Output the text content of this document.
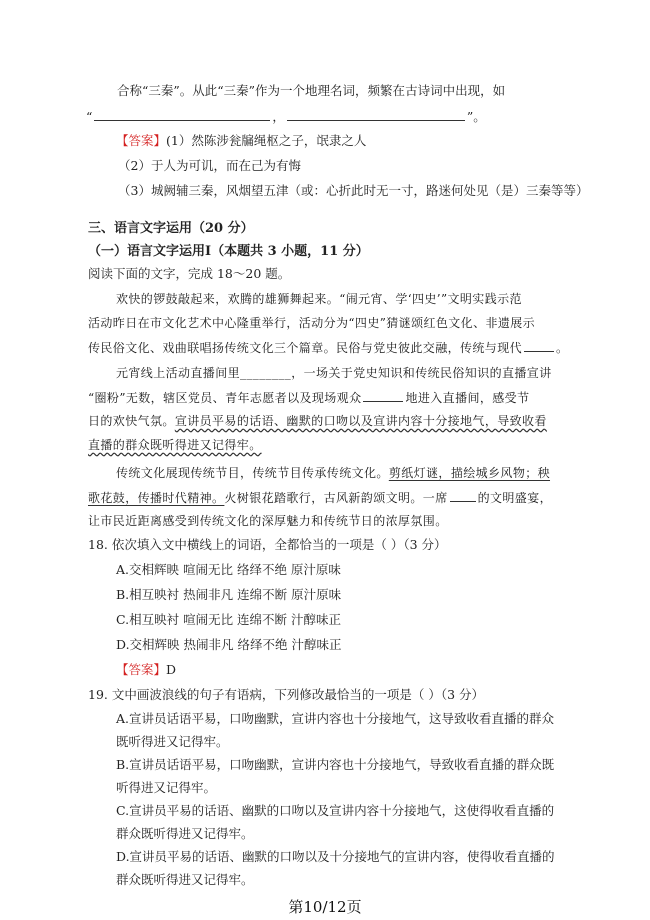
合称“三秦”。从此“三秦”作为一个地理名词，频繁在古诗词中出现，如
“	，	”。
【答案】(1）然陈涉瓮牖绳枢之子，氓隶之人
（2）于人为可讥，而在己为有悔
（3）城阙辅三秦，风烟望五津（或：心折此时无一寸，路迷何处见（是）三秦等等）
三、语言文字运用（20 分）
（一）语言文字运用Ⅰ（本题共 3 小题，11 分）
阅读下面的文字，完成 18～20 题。
欢快的锣鼓敲起来，欢腾的雄狮舞起来。“闹元宵、学‘四史’”文明实践示范
活动昨日在市文化艺术中心隆重举行，活动分为“四史”猜谜颂红色文化、非遗展示
传民俗文化、戏曲联唱扬传统文化三个篇章。民俗与党史彼此交融，传统与现代	。
元宵线上活动直播间里________，一场关于党史知识和传统民俗知识的直播宣讲
“圈粉”无数，辖区党员、青年志愿者以及现场观众	地进入直播间，感受节
日的欢快气氛。宣讲员平易的话语、幽默的口吻以及宣讲内容十分接地气，导致收看
直播的群众既听得进又记得牢。
传统文化展现传统节目，传统节目传承传统文化。剪纸灯谜，描绘城乡风物；秧
歌花鼓，传播时代精神。火树银花踏歌行，古风新韵颂文明。一席	的文明盛宴，
让市民近距离感受到传统文化的深厚魅力和传统节日的浓厚氛围。
18. 依次填入文中横线上的词语，全都恰当的一项是（ ）（3 分）
A.交相辉映 喧闹无比 络绎不绝 原汁原味
B.相互映衬 热闹非凡 连绵不断 原汁原味
C.相互映衬 喧闹无比 连绵不断 汁醇味正
D.交相辉映 热闹非凡 络绎不绝 汁醇味正
【答案】D
19. 文中画波浪线的句子有语病，下列修改最恰当的一项是（ ）（3 分）
A.宣讲员话语平易，口吻幽默，宣讲内容也十分接地气，这导致收看直播的群众
既听得进又记得牢。
B.宣讲员话语平易，口吻幽默，宣讲内容也十分接地气，导致收看直播的群众既
听得进又记得牢。
C.宣讲员平易的话语、幽默的口吻以及宣讲内容十分接地气，这使得收看直播的
群众既听得进又记得牢。
D.宣讲员平易的话语、幽默的口吻以及十分接地气的宣讲内容，使得收看直播的
群众既听得进又记得牢。
第10/12页
